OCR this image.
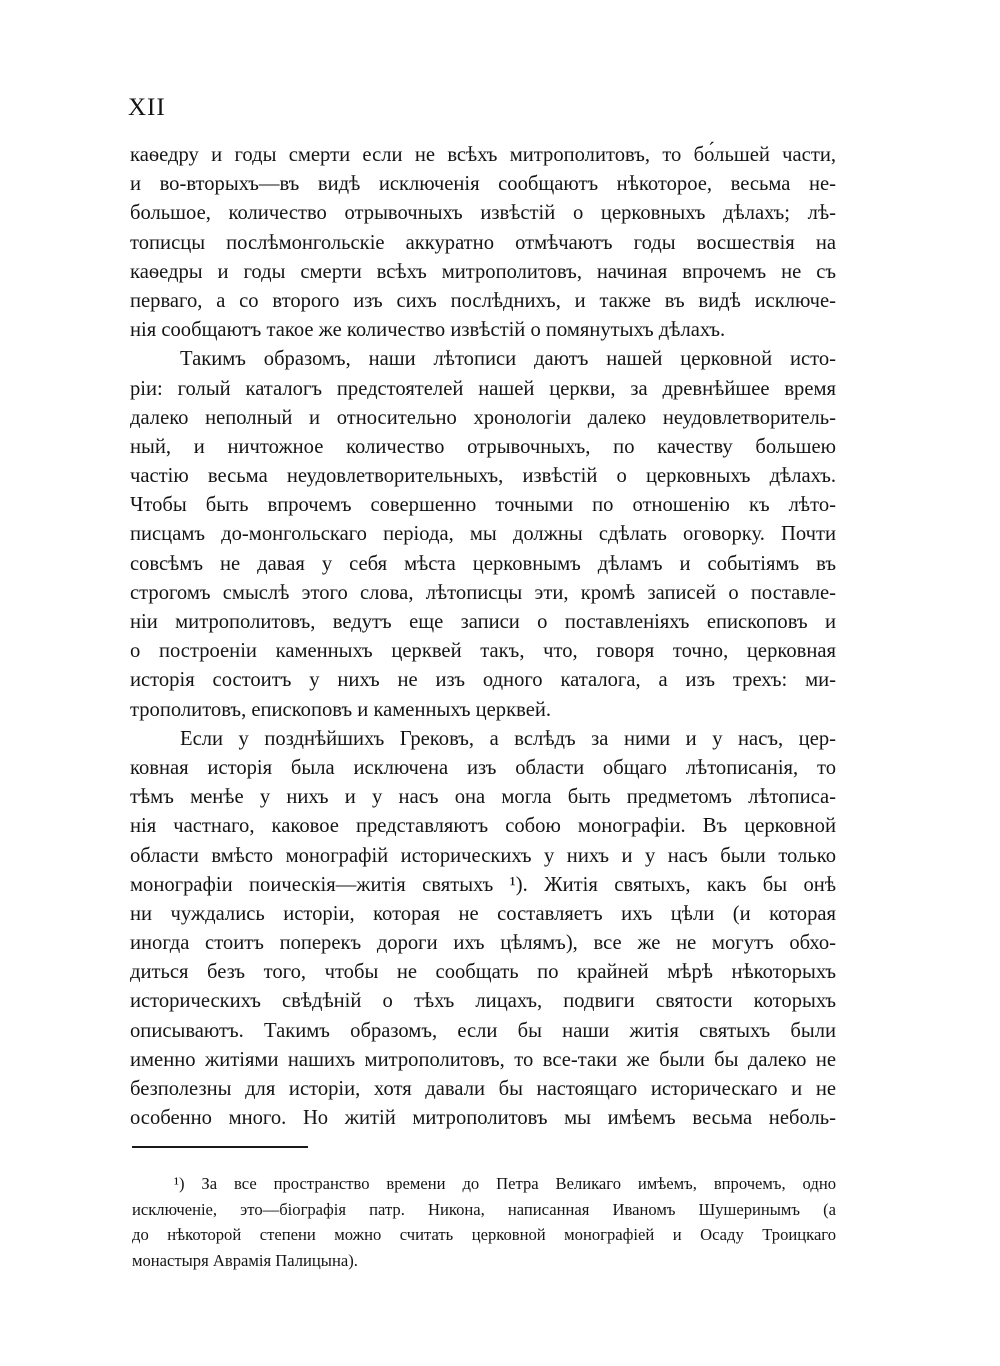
XII
каѳедру и годы смерти если не всѣхъ митрополитовъ, то бо́льшей части,
и во-вторыхъ—въ видѣ исключенія сообщаютъ нѣкоторое, весьма не-
большое, количество отрывочныхъ извѣстій о церковныхъ дѣлахъ; лѣ-
тописцы послѣмонгольскіе аккуратно отмѣчаютъ годы восшествія на
каѳедры и годы смерти всѣхъ митрополитовъ, начиная впрочемъ не съ
перваго, а со второго изъ сихъ послѣднихъ, и также въ видѣ исключе-
нія сообщаютъ такое же количество извѣстій о помянутыхъ дѣлахъ.
Такимъ образомъ, наши лѣтописи даютъ нашей церковной исто-
ріи: голый каталогъ предстоятелей нашей церкви, за древнѣйшее время
далеко неполный и относительно хронологіи далеко неудовлетворитель-
ный, и ничтожное количество отрывочныхъ, по качеству большею
частію весьма неудовлетворительныхъ, извѣстій о церковныхъ дѣлахъ.
Чтобы быть впрочемъ совершенно точными по отношенію къ лѣто-
писцамъ до-монгольскаго періода, мы должны сдѣлать оговорку. Почти
совсѣмъ не давая у себя мѣста церковнымъ дѣламъ и событіямъ въ
строгомъ смыслѣ этого слова, лѣтописцы эти, кромѣ записей о поставле-
ніи митрополитовъ, ведутъ еще записи о поставленіяхъ епископовъ и
о построеніи каменныхъ церквей такъ, что, говоря точно, церковная
исторія состоитъ у нихъ не изъ одного каталога, а изъ трехъ: ми-
трополитовъ, епископовъ и каменныхъ церквей.
Если у позднѣйшихъ Грековъ, а вслѣдъ за ними и у насъ, цер-
ковная исторія была исключена изъ области общаго лѣтописанія, то
тѣмъ менѣе у нихъ и у насъ она могла быть предметомъ лѣтописа-
нія частнаго, каковое представляютъ собою монографіи. Въ церковной
области вмѣсто монографій историческихъ у нихъ и у насъ были только
монографіи поическія—житія святыхъ ¹). Житія святыхъ, какъ бы онѣ
ни чуждались исторіи, которая не составляетъ ихъ цѣли (и которая
иногда стоитъ поперекъ дороги ихъ цѣлямъ), все же не могутъ обхо-
диться безъ того, чтобы не сообщать по крайней мѣрѣ нѣкоторыхъ
историческихъ свѣдѣній о тѣхъ лицахъ, подвиги святости которыхъ
описываютъ. Такимъ образомъ, если бы наши житія святыхъ были
именно житіями нашихъ митрополитовъ, то все-таки же были бы далеко не
безполезны для исторіи, хотя давали бы настоящаго историческаго и не
особенно много. Но житій митрополитовъ мы имѣемъ весьма неболь-
¹) За все пространство времени до Петра Великаго имѣемъ, впрочемъ, одно
исключеніе, это—біографія патр. Никона, написанная Иваномъ Шушеринымъ (а
до нѣкоторой степени можно считать церковной монографіей и Осаду Троицкаго
монастыря Аврамія Палицына).
